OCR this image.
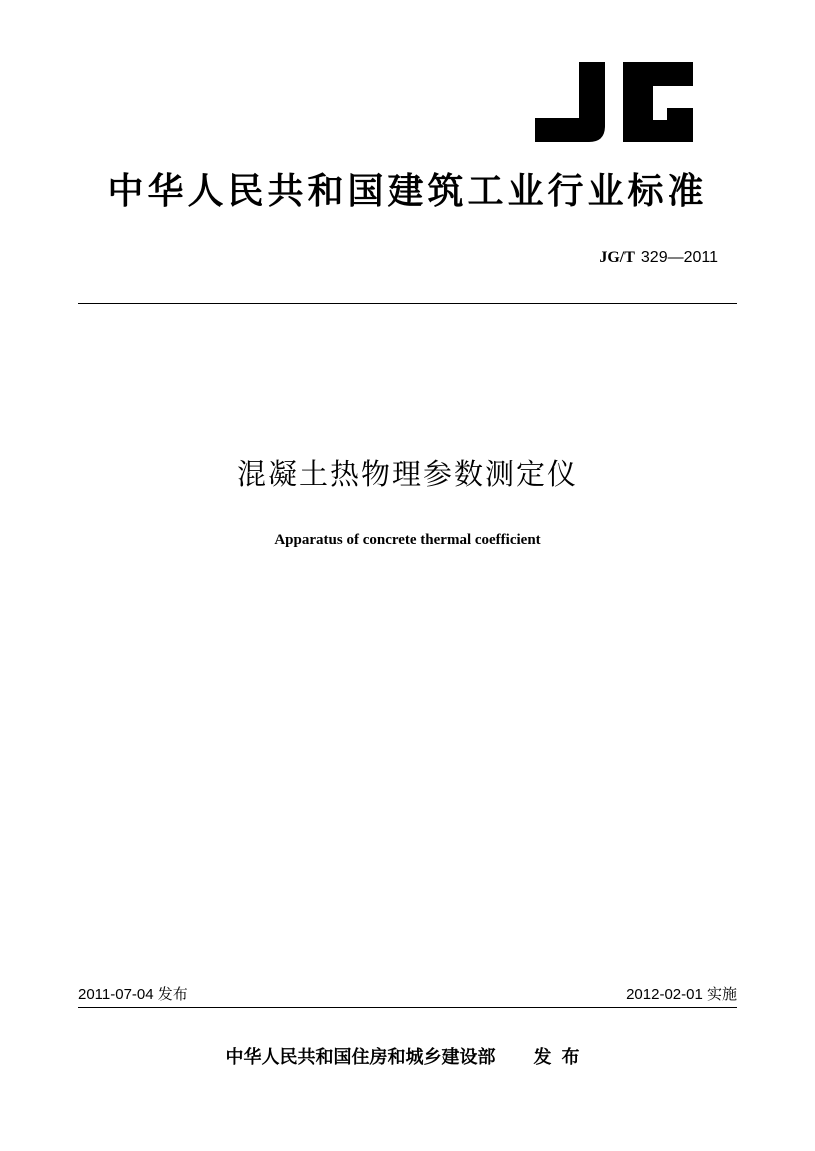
中华人民共和国建筑工业行业标准
JG/T 329—2011
混凝土热物理参数测定仪
Apparatus of concrete thermal coefficient
2011-07-04 发布	2012-02-01 实施
中华人民共和国住房和城乡建设部 发布
